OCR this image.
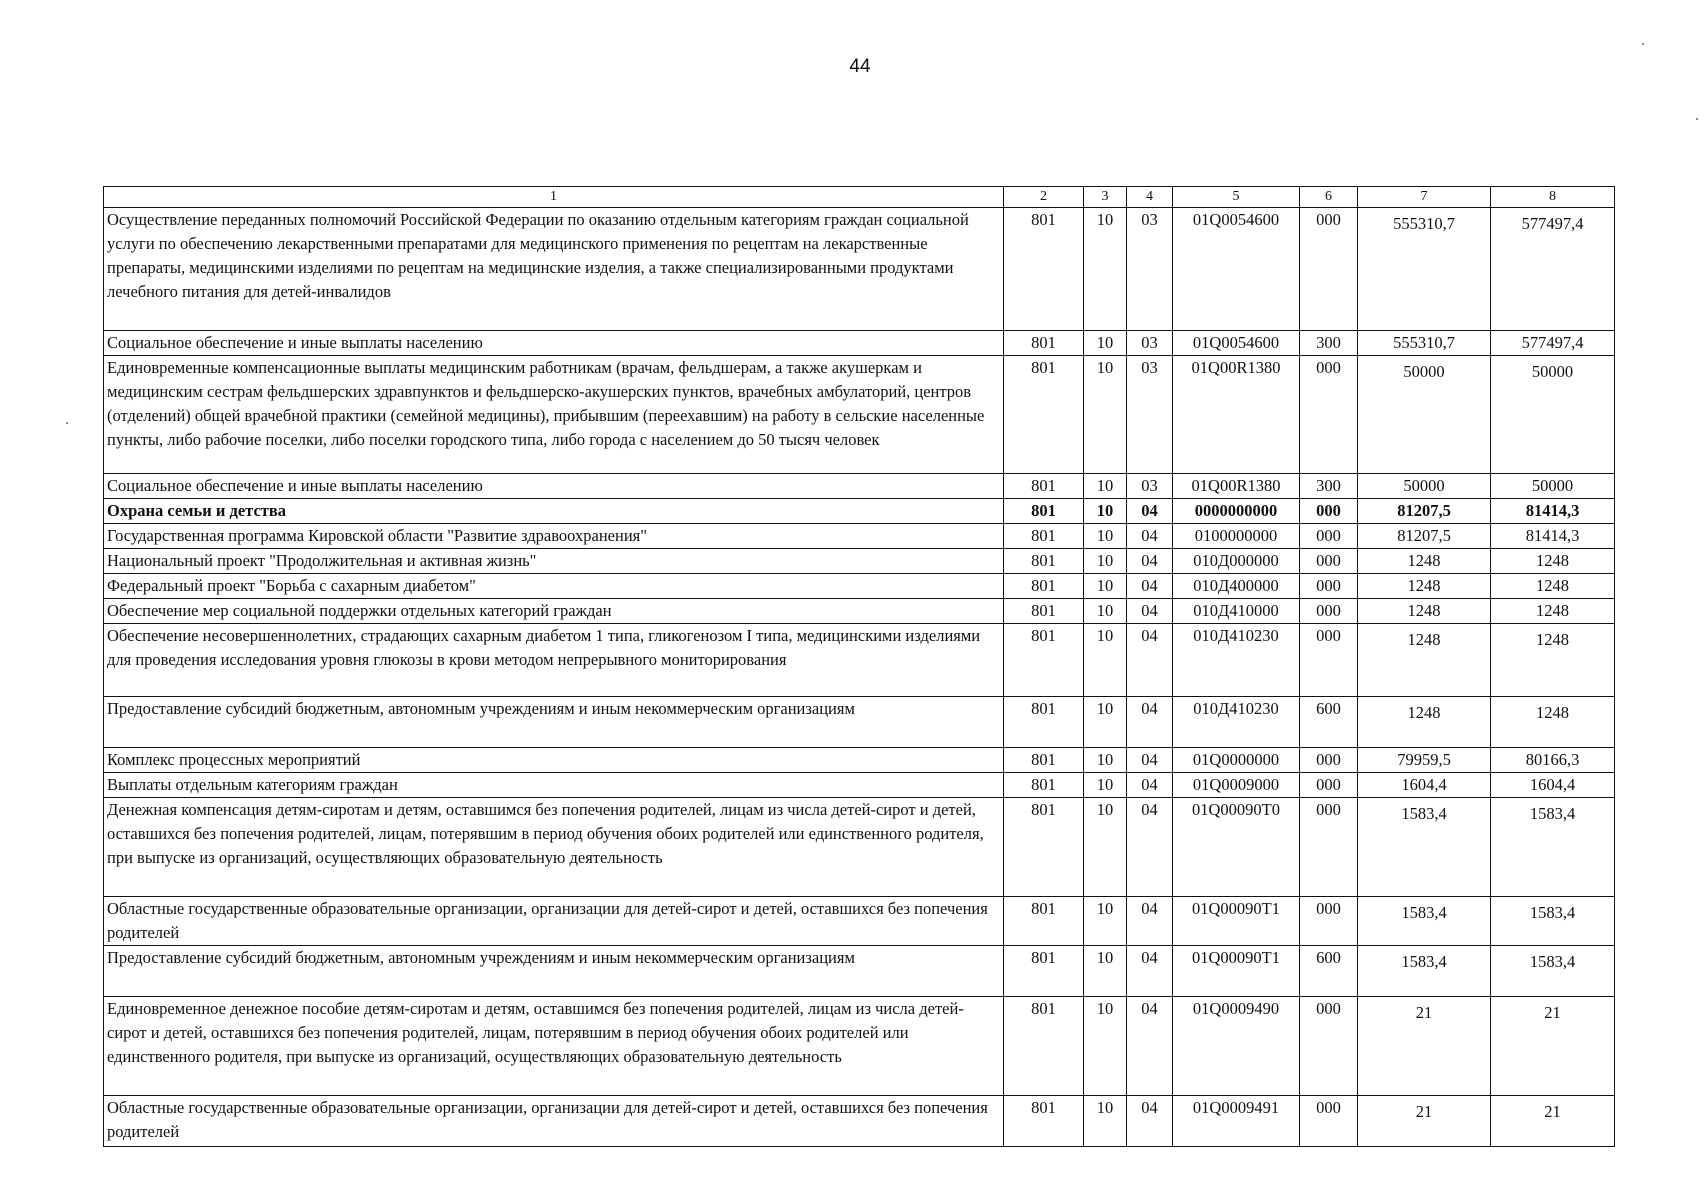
44
1	2	3	4	5	6	7	8
Осуществление переданных полномочий Российской Федерации по оказанию отдельным категориям граждан социальной услуги по обеспечению лекарственными препаратами для медицинского применения по рецептам на лекарственные препараты, медицинскими изделиями по рецептам на медицинские изделия, а также специализированными продуктами лечебного питания для детей-инвалидов	801	10	03	01Q0054600	000	555310,7	577497,4
Социальное обеспечение и иные выплаты населению	801	10	03	01Q0054600	300	555310,7	577497,4
Единовременные компенсационные выплаты медицинским работникам (врачам, фельдшерам, а также акушеркам и медицинским сестрам фельдшерских здравпунктов и фельдшерско-акушерских пунктов, врачебных амбулаторий, центров (отделений) общей врачебной практики (семейной медицины), прибывшим (переехавшим) на работу в сельские населенные пункты, либо рабочие поселки, либо поселки городского типа, либо города с населением до 50 тысяч человек	801	10	03	01Q00R1380	000	50000	50000
Социальное обеспечение и иные выплаты населению	801	10	03	01Q00R1380	300	50000	50000
Охрана семьи и детства	801	10	04	0000000000	000	81207,5	81414,3
Государственная программа Кировской области "Развитие здравоохранения"	801	10	04	0100000000	000	81207,5	81414,3
Национальный проект "Продолжительная и активная жизнь"	801	10	04	010Д000000	000	1248	1248
Федеральный проект "Борьба с сахарным диабетом"	801	10	04	010Д400000	000	1248	1248
Обеспечение мер социальной поддержки отдельных категорий граждан	801	10	04	010Д410000	000	1248	1248
Обеспечение несовершеннолетних, страдающих сахарным диабетом 1 типа, гликогенозом I типа, медицинскими изделиями для проведения исследования уровня глюкозы в крови методом непрерывного мониторирования	801	10	04	010Д410230	000	1248	1248
Предоставление субсидий бюджетным, автономным учреждениям и иным некоммерческим организациям	801	10	04	010Д410230	600	1248	1248
Комплекс процессных мероприятий	801	10	04	01Q0000000	000	79959,5	80166,3
Выплаты отдельным категориям граждан	801	10	04	01Q0009000	000	1604,4	1604,4
Денежная компенсация детям-сиротам и детям, оставшимся без попечения родителей, лицам из числа детей-сирот и детей, оставшихся без попечения родителей, лицам, потерявшим в период обучения обоих родителей или единственного родителя, при выпуске из организаций, осуществляющих образовательную деятельность	801	10	04	01Q00090T0	000	1583,4	1583,4
Областные государственные образовательные организации, организации для детей-сирот и детей, оставшихся без попечения родителей	801	10	04	01Q00090T1	000	1583,4	1583,4
Предоставление субсидий бюджетным, автономным учреждениям и иным некоммерческим организациям	801	10	04	01Q00090T1	600	1583,4	1583,4
Единовременное денежное пособие детям-сиротам и детям, оставшимся без попечения родителей, лицам из числа детей-сирот и детей, оставшихся без попечения родителей, лицам, потерявшим в период обучения обоих родителей или единственного родителя, при выпуске из организаций, осуществляющих образовательную деятельность	801	10	04	01Q0009490	000	21	21
Областные государственные образовательные организации, организации для детей-сирот и детей, оставшихся без попечения родителей	801	10	04	01Q0009491	000	21	21
